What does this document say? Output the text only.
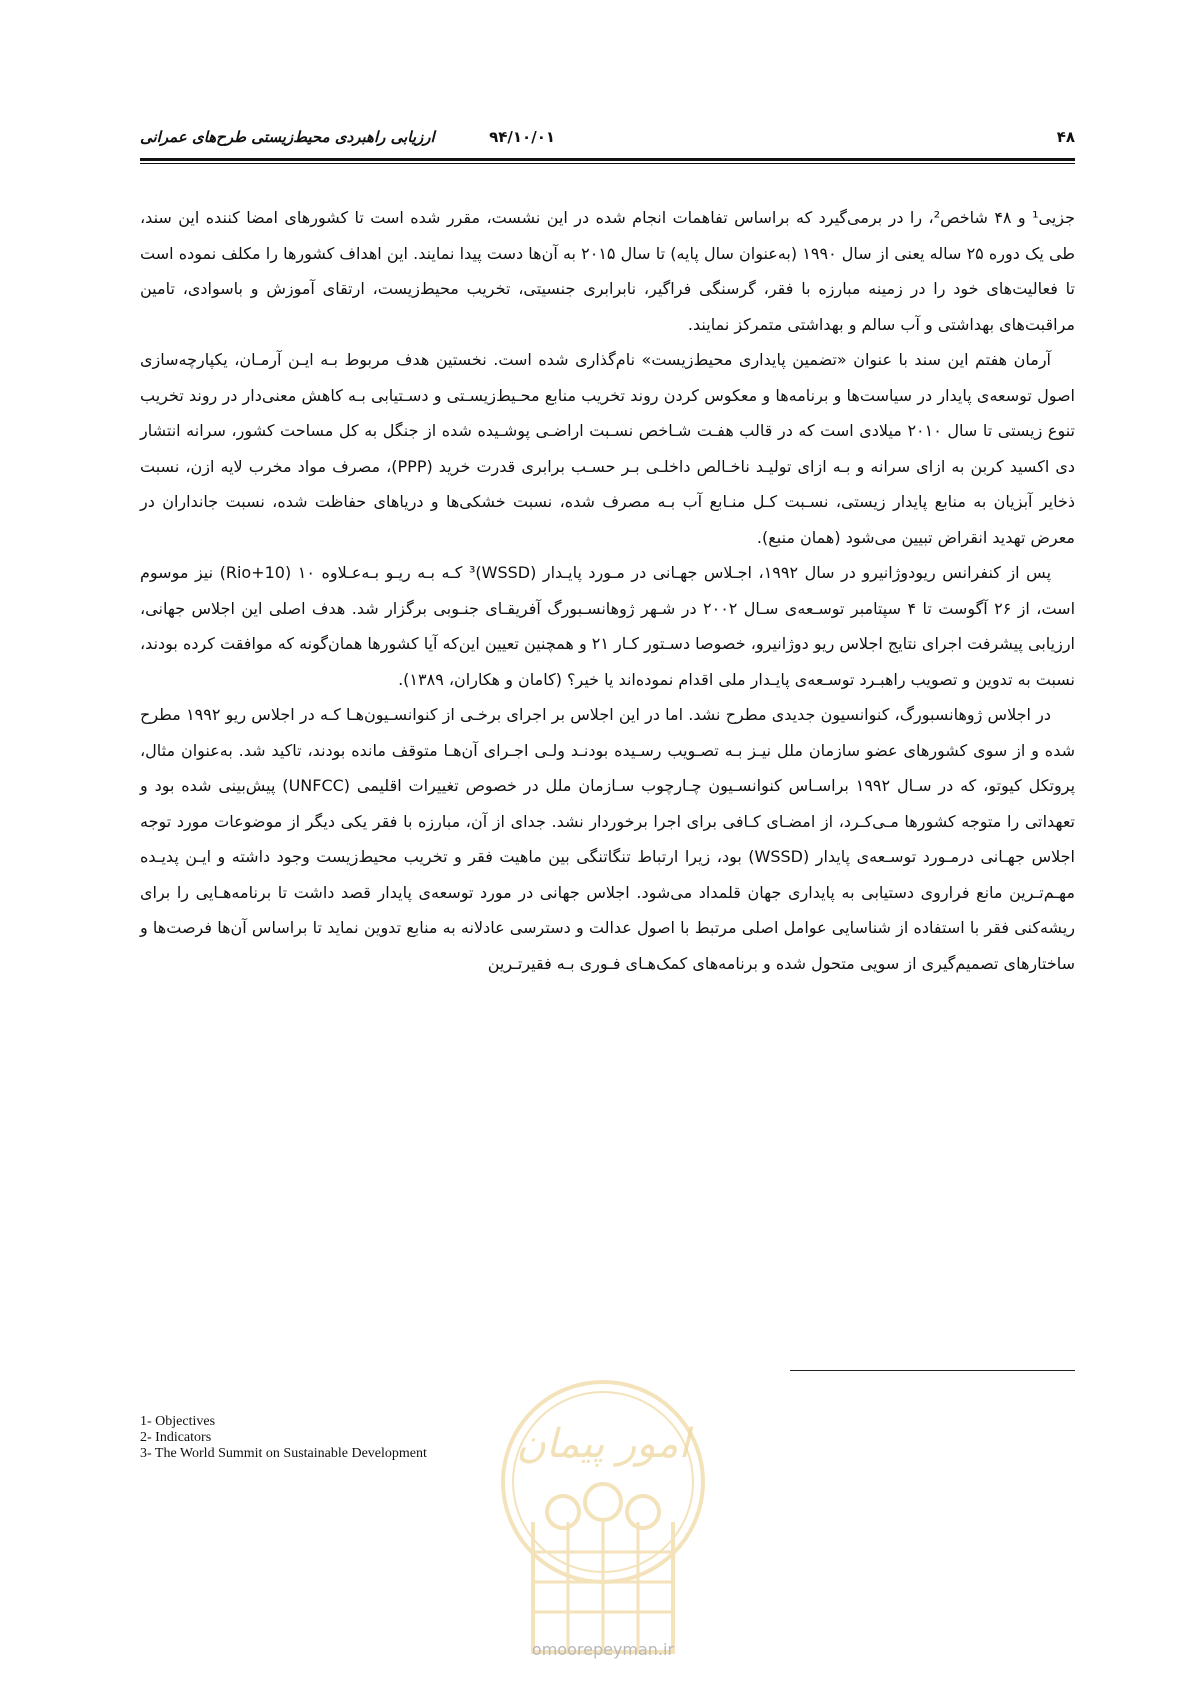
۴۸
۹۴/۱۰/۰۱
ارزیابی راهبردی محیط‌زیستی طرح‌های عمرانی

جزیی¹ و ۴۸ شاخص²، را در برمی‌گیرد که براساس تفاهمات انجام شده در این نشست، مقرر شده است تا کشورهای امضا کننده این سند، طی یک دوره ۲۵ ساله یعنی از سال ۱۹۹۰ (به‌عنوان سال پایه) تا سال ۲۰۱۵ به آن‌ها دست پیدا نمایند. این اهداف کشورها را مکلف نموده است تا فعالیت‌های خود را در زمینه مبارزه با فقر، گرسنگی فراگیر، نابرابری جنسیتی، تخریب محیط‌زیست، ارتقای آموزش و باسوادی، تامین مراقبت‌های بهداشتی و آب سالم و بهداشتی متمرکز نمایند.

آرمان هفتم این سند با عنوان «تضمین پایداری محیط‌زیست» نام‌گذاری شده است. نخستین هدف مربوط بـه ایـن آرمـان، یکپارچه‌سازی اصول توسعه‌ی پایدار در سیاست‌ها و برنامه‌ها و معکوس کردن روند تخریب منابع محـیط‌زیسـتی و دسـتیابی بـه کاهش معنی‌دار در روند تخریب تنوع زیستی تا سال ۲۰۱۰ میلادی است که در قالب هفـت شـاخص نسـبت اراضـی پوشـیده شده از جنگل به کل مساحت کشور، سرانه انتشار دی اکسید کربن به ازای سرانه و بـه ازای تولیـد ناخـالص داخلـی بـر حسـب برابری قدرت خرید (PPP)، مصرف مواد مخرب لایه ازن، نسبت ذخایر آبزیان به منابع پایدار زیستی، نسـبت کـل منـابع آب بـه مصرف شده، نسبت خشکی‌ها و دریاهای حفاظت شده، نسبت جانداران در معرض تهدید انقراض تبیین می‌شود (همان منبع).

پس از کنفرانس ریودوژانیرو در سال ۱۹۹۲، اجـلاس جهـانی در مـورد پایـدار (WSSD)³ کـه بـه ریـو بـه‌عـلاوه ۱۰ (Rio+10) نیز موسوم است، از ۲۶ آگوست تا ۴ سپتامبر توسـعه‌ی سـال ۲۰۰۲ در شـهر ژوهانسـبورگ آفریقـای جنـوبی برگزار شد. هدف اصلی این اجلاس جهانی، ارزیابی پیشرفت اجرای نتایج اجلاس ریو دوژانیرو، خصوصا دسـتور کـار ۲۱ و همچنین تعیین این‌که آیا کشورها همان‌گونه که موافقت کرده بودند، نسبت به تدوین و تصویب راهبـرد توسـعه‌ی پایـدار ملی اقدام نموده‌اند یا خیر؟ (کامان و هکاران، ۱۳۸۹).

در اجلاس ژوهانسبورگ، کنوانسیون جدیدی مطرح نشد. اما در این اجلاس بر اجرای برخـی از کنوانسـیون‌هـا کـه در اجلاس ریو ۱۹۹۲ مطرح شده و از سوی کشورهای عضو سازمان ملل نیـز بـه تصـویب رسـیده بودنـد ولـی اجـرای آن‌هـا متوقف مانده بودند، تاکید شد. به‌عنوان مثال، پروتکل کیوتو، که در سـال ۱۹۹۲ براسـاس کنوانسـیون چـارچوب سـازمان ملل در خصوص تغییرات اقلیمی (UNFCC) پیش‌بینی شده بود و تعهداتی را متوجه کشورها مـی‌کـرد، از امضـای کـافی برای اجرا برخوردار نشد. جدای از آن، مبارزه با فقر یکی دیگر از موضوعات مورد توجه اجلاس جهـانی درمـورد توسـعه‌ی پایدار (WSSD) بود، زیرا ارتباط تنگاتنگی بین ماهیت فقر و تخریب محیط‌زیست وجود داشته و ایـن پدیـده مهـم‌تـرین مانع فراروی دستیابی به پایداری جهان قلمداد می‌شود. اجلاس جهانی در مورد توسعه‌ی پایدار قصد داشت تا برنامه‌هـایی را برای ریشه‌کنی فقر با استفاده از شناسایی عوامل اصلی مرتبط با اصول عدالت و دسترسی عادلانه به منابع تدوین نماید تا براساس آن‌ها فرصت‌ها و ساختارهای تصمیم‌گیری از سویی متحول شده و برنامه‌های کمک‌هـای فـوری بـه فقیرتـرین

امور پیمان
omoorepeyman.ir
1- Objectives
2- Indicators
3- The World Summit on Sustainable Development
